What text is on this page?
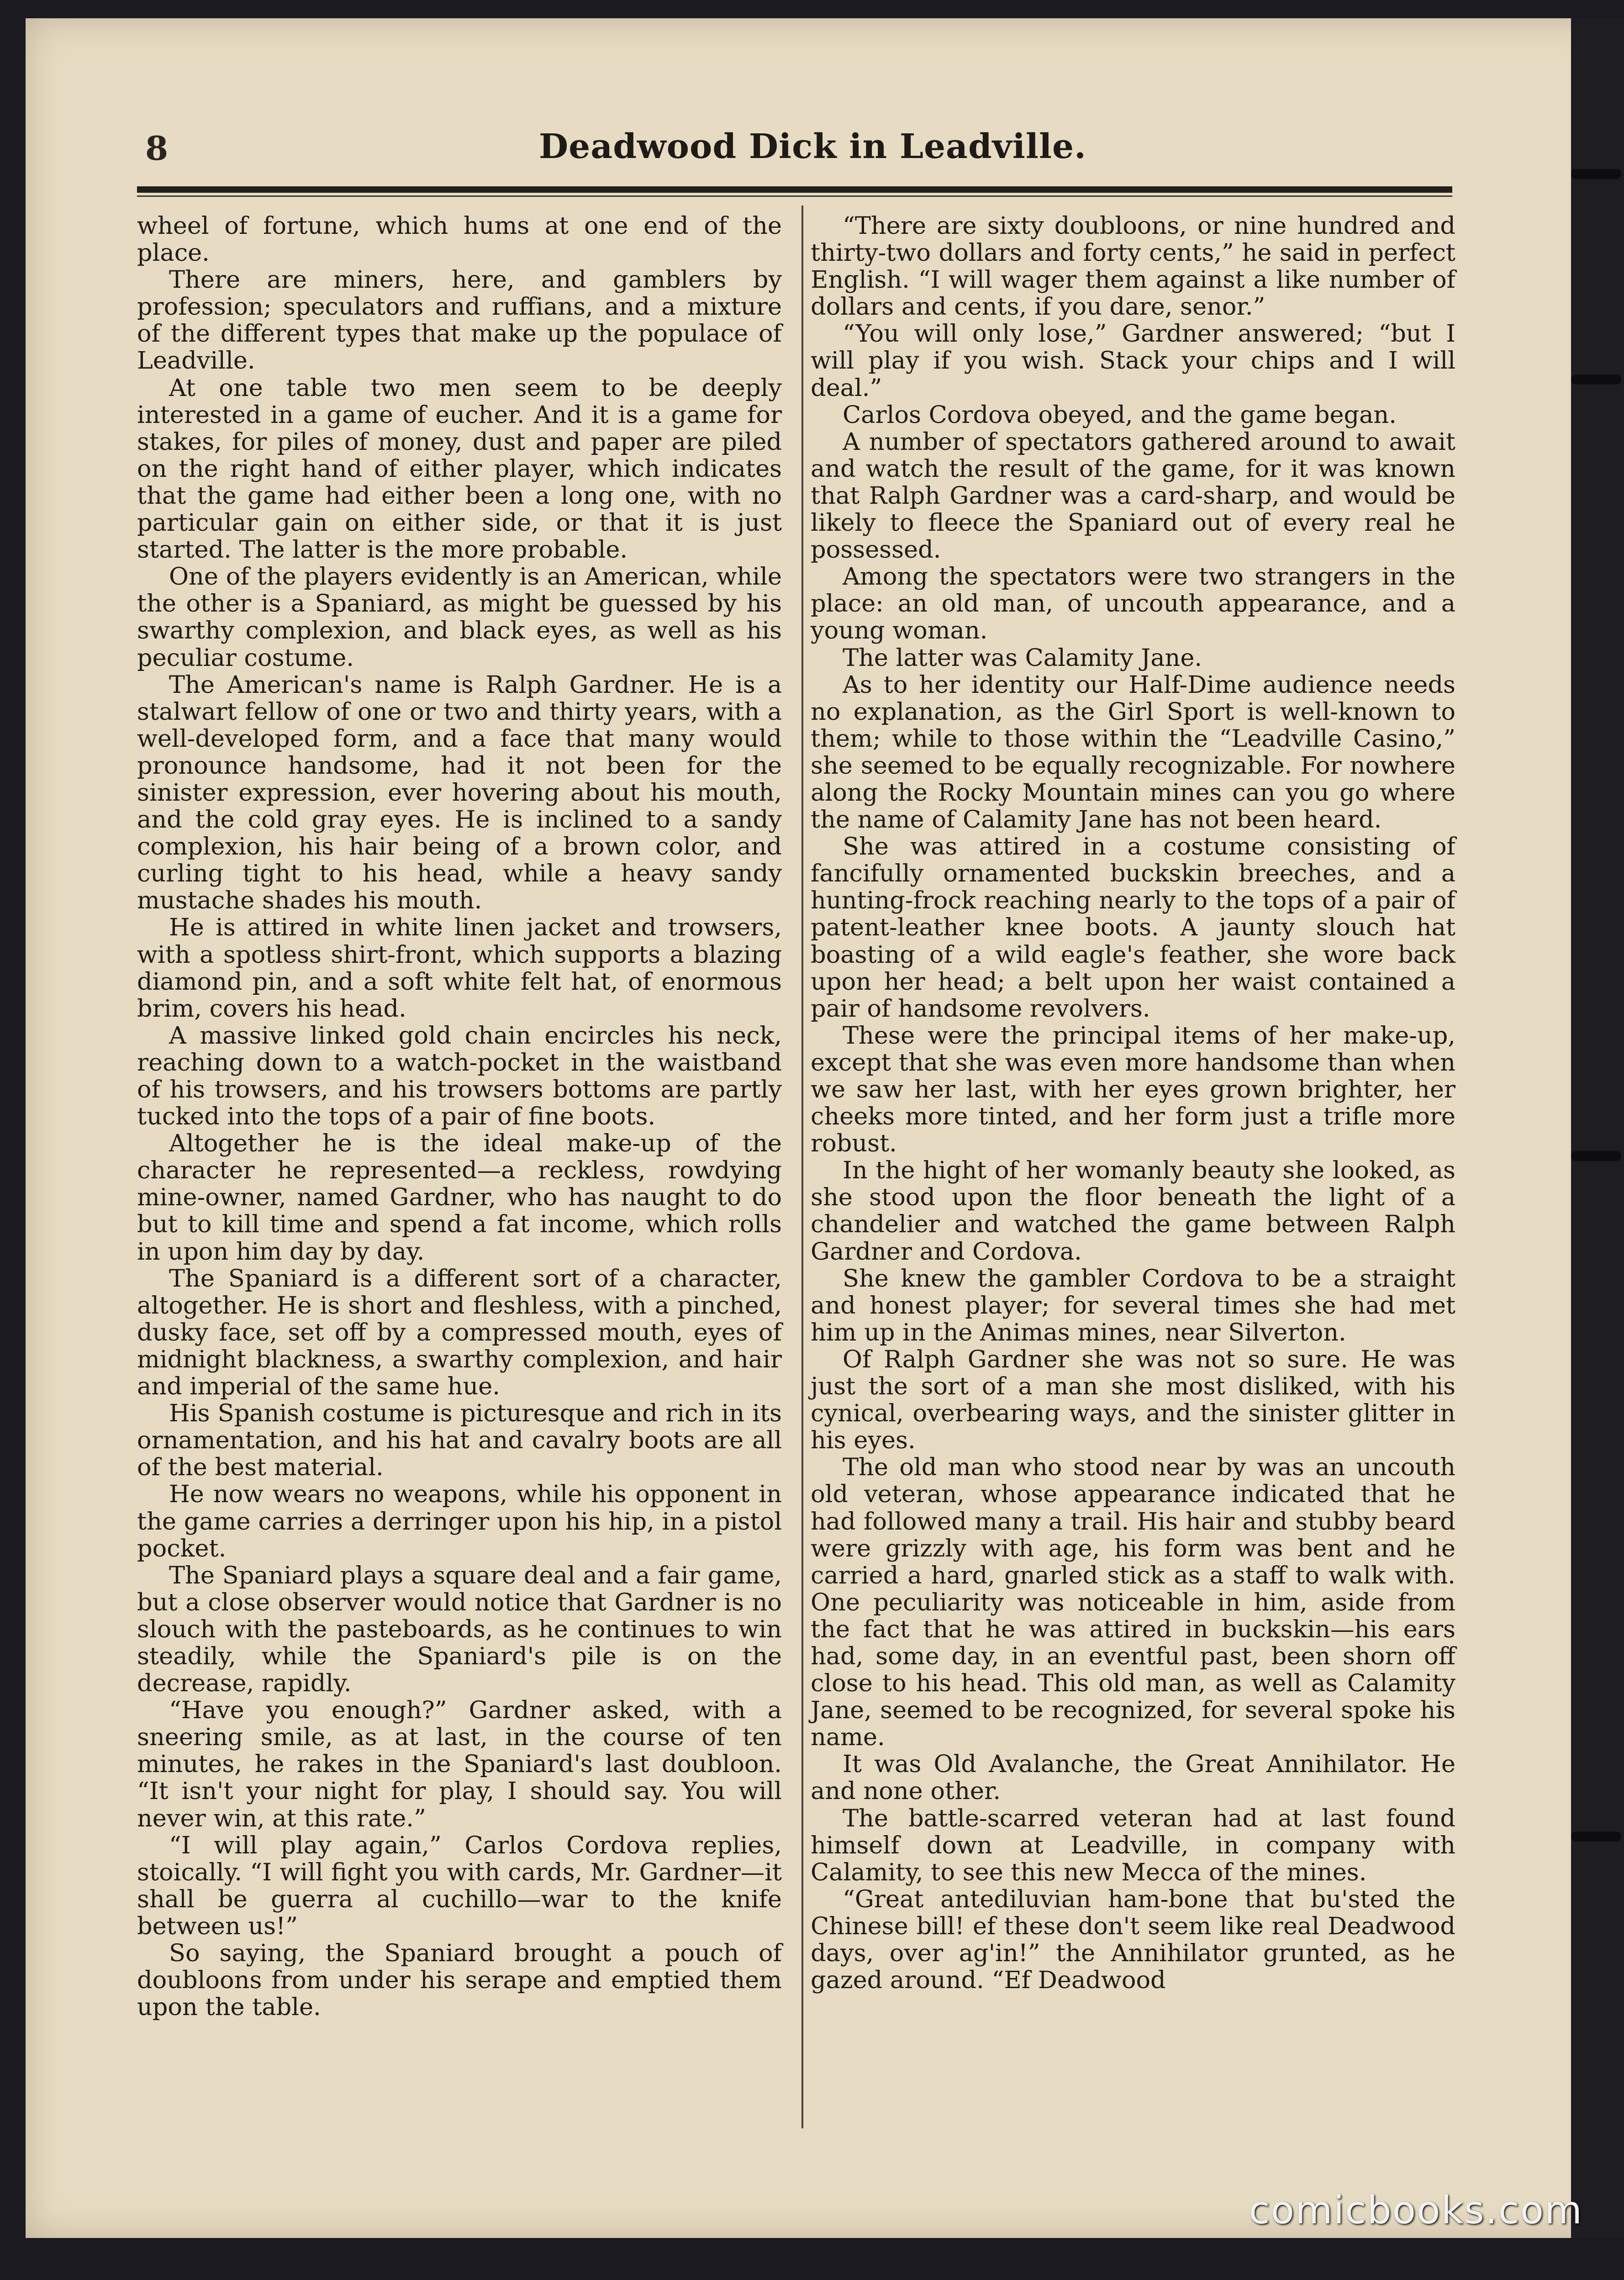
8	Deadwood Dick in Leadville.

wheel of fortune, which hums at one end of the place.

There are miners, here, and gamblers by profession; speculators and ruffians, and a mixture of the different types that make up the populace of Leadville.

At one table two men seem to be deeply interested in a game of eucher. And it is a game for stakes, for piles of money, dust and paper are piled on the right hand of either player, which indicates that the game had either been a long one, with no particular gain on either side, or that it is just started. The latter is the more probable.

One of the players evidently is an American, while the other is a Spaniard, as might be guessed by his swarthy complexion, and black eyes, as well as his peculiar costume.

The American's name is Ralph Gardner. He is a stalwart fellow of one or two and thirty years, with a well-developed form, and a face that many would pronounce handsome, had it not been for the sinister expression, ever hovering about his mouth, and the cold gray eyes. He is inclined to a sandy complexion, his hair being of a brown color, and curling tight to his head, while a heavy sandy mustache shades his mouth.

He is attired in white linen jacket and trowsers, with a spotless shirt-front, which supports a blazing diamond pin, and a soft white felt hat, of enormous brim, covers his head.

A massive linked gold chain encircles his neck, reaching down to a watch-pocket in the waistband of his trowsers, and his trowsers bottoms are partly tucked into the tops of a pair of fine boots.

Altogether he is the ideal make-up of the character he represented—a reckless, rowdying mine-owner, named Gardner, who has naught to do but to kill time and spend a fat income, which rolls in upon him day by day.

The Spaniard is a different sort of a character, altogether. He is short and fleshless, with a pinched, dusky face, set off by a compressed mouth, eyes of midnight blackness, a swarthy complexion, and hair and imperial of the same hue.

His Spanish costume is picturesque and rich in its ornamentation, and his hat and cavalry boots are all of the best material.

He now wears no weapons, while his opponent in the game carries a derringer upon his hip, in a pistol pocket.

The Spaniard plays a square deal and a fair game, but a close observer would notice that Gardner is no slouch with the pasteboards, as he continues to win steadily, while the Spaniard's pile is on the decrease, rapidly.

“Have you enough?” Gardner asked, with a sneering smile, as at last, in the course of ten minutes, he rakes in the Spaniard's last doubloon. “It isn't your night for play, I should say. You will never win, at this rate.”

“I will play again,” Carlos Cordova replies, stoically. “I will fight you with cards, Mr. Gardner—it shall be guerra al cuchillo—war to the knife between us!”

So saying, the Spaniard brought a pouch of doubloons from under his serape and emptied them upon the table.

“There are sixty doubloons, or nine hundred and thirty-two dollars and forty cents,” he said in perfect English. “I will wager them against a like number of dollars and cents, if you dare, senor.”

“You will only lose,” Gardner answered; “but I will play if you wish. Stack your chips and I will deal.”

Carlos Cordova obeyed, and the game began.

A number of spectators gathered around to await and watch the result of the game, for it was known that Ralph Gardner was a card-sharp, and would be likely to fleece the Spaniard out of every real he possessed.

Among the spectators were two strangers in the place: an old man, of uncouth appearance, and a young woman.

The latter was Calamity Jane.

As to her identity our Half-Dime audience needs no explanation, as the Girl Sport is well-known to them; while to those within the “Leadville Casino,” she seemed to be equally recognizable. For nowhere along the Rocky Mountain mines can you go where the name of Calamity Jane has not been heard.

She was attired in a costume consisting of fancifully ornamented buckskin breeches, and a hunting-frock reaching nearly to the tops of a pair of patent-leather knee boots. A jaunty slouch hat boasting of a wild eagle's feather, she wore back upon her head; a belt upon her waist contained a pair of handsome revolvers.

These were the principal items of her make-up, except that she was even more handsome than when we saw her last, with her eyes grown brighter, her cheeks more tinted, and her form just a trifle more robust.

In the hight of her womanly beauty she looked, as she stood upon the floor beneath the light of a chandelier and watched the game between Ralph Gardner and Cordova.

She knew the gambler Cordova to be a straight and honest player; for several times she had met him up in the Animas mines, near Silverton.

Of Ralph Gardner she was not so sure. He was just the sort of a man she most disliked, with his cynical, overbearing ways, and the sinister glitter in his eyes.

The old man who stood near by was an uncouth old veteran, whose appearance indicated that he had followed many a trail. His hair and stubby beard were grizzly with age, his form was bent and he carried a hard, gnarled stick as a staff to walk with. One peculiarity was noticeable in him, aside from the fact that he was attired in buckskin—his ears had, some day, in an eventful past, been shorn off close to his head. This old man, as well as Calamity Jane, seemed to be recognized, for several spoke his name.

It was Old Avalanche, the Great Annihilator. He and none other.

The battle-scarred veteran had at last found himself down at Leadville, in company with Calamity, to see this new Mecca of the mines.

“Great antediluvian ham-bone that bu'sted the Chinese bill! ef these don't seem like real Deadwood days, over ag'in!” the Annihilator grunted, as he gazed around. “Ef Deadwood

comicbooks.com
